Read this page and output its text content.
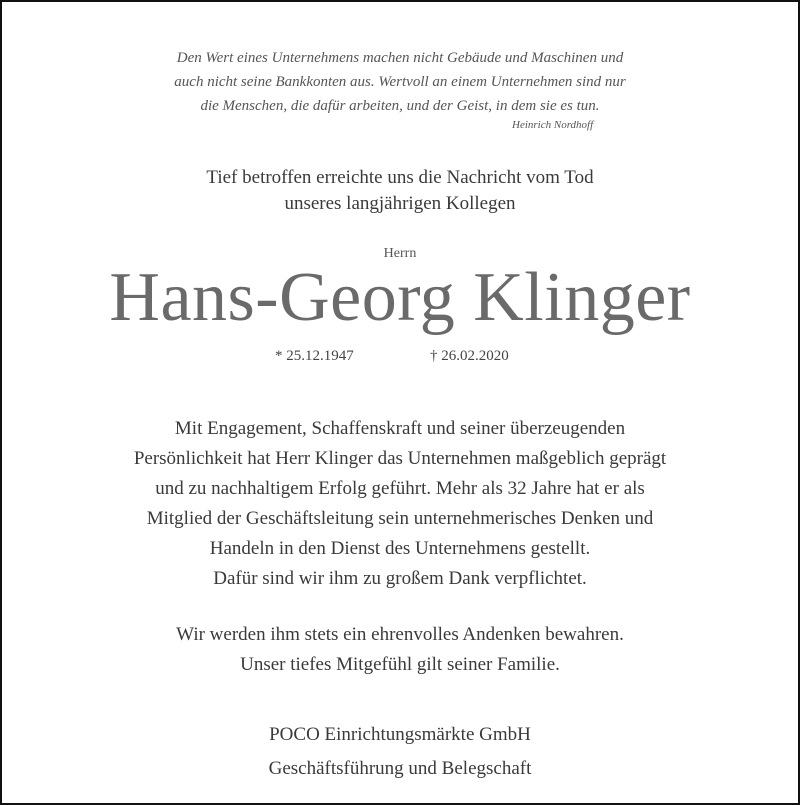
Den Wert eines Unternehmens machen nicht Gebäude und Maschinen und
auch nicht seine Bankkonten aus. Wertvoll an einem Unternehmen sind nur
die Menschen, die dafür arbeiten, und der Geist, in dem sie es tun.
Heinrich Nordhoff
Tief betroffen erreichte uns die Nachricht vom Tod
unseres langjährigen Kollegen
Herrn
Hans-Georg Klinger
* 25.12.1947	† 26.02.2020
Mit Engagement, Schaffenskraft und seiner überzeugenden
Persönlichkeit hat Herr Klinger das Unternehmen maßgeblich geprägt
und zu nachhaltigem Erfolg geführt. Mehr als 32 Jahre hat er als
Mitglied der Geschäftsleitung sein unternehmerisches Denken und
Handeln in den Dienst des Unternehmens gestellt.
Dafür sind wir ihm zu großem Dank verpflichtet.
Wir werden ihm stets ein ehrenvolles Andenken bewahren.
Unser tiefes Mitgefühl gilt seiner Familie.
POCO Einrichtungsmärkte GmbH
Geschäftsführung und Belegschaft
